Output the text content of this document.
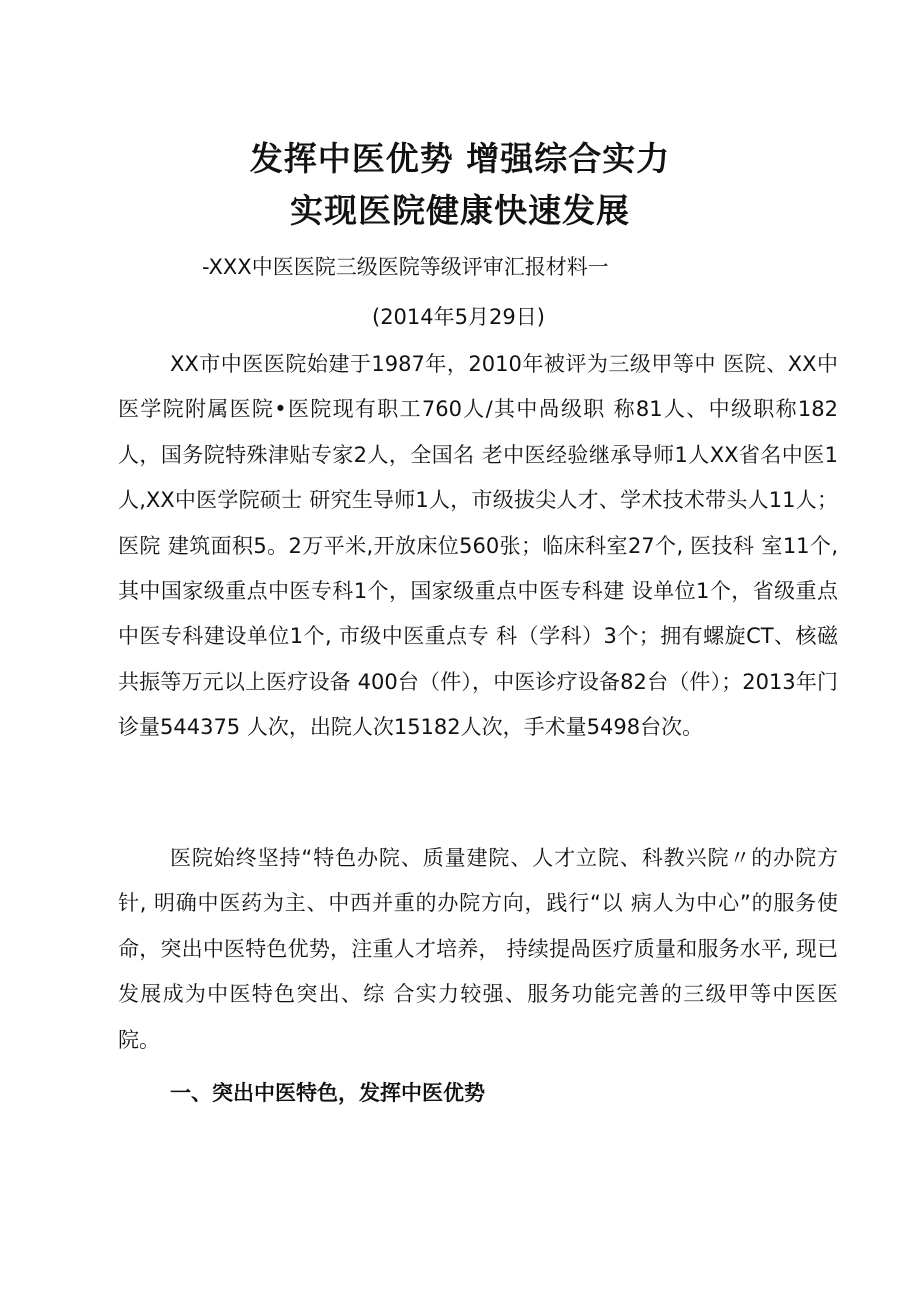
发挥中医优势 增强综合实力
实现医院健康快速发展
-XXX中医医院三级医院等级评审汇报材料一
(2014年5月29日)

XX市中医医院始建于1987年，2010年被评为三级甲等中 医院、XX中医学院附属医院•医院现有职工760人/其中咼级职 称81人、中级职称182人，国务院特殊津贴专家2人，全国名 老中医经验继承导师1人XX省名中医1人,XX中医学院硕士 研究生导师1人，市级拔尖人才、学术技术带头人11人；医院 建筑面积5。2万平米,开放床位560张；临床科室27个, 医技科 室11个, 其中国家级重点中医专科1个，国家级重点中医专科建 设单位1个，省级重点中医专科建设单位1个, 市级中医重点专 科（学科）3个；拥有螺旋CT、核磁共振等万元以上医疗设备 400台（件），中医诊疗设备82台（件）；2013年门诊量544375 人次，出院人次15182人次，手术量5498台次。

医院始终坚持“特色办院、质量建院、人才立院、科教兴院〃的办院方针, 明确中医药为主、中西并重的办院方向，践行“以 病人为中心”的服务使命，突出中医特色优势，注重人才培养， 持续提咼医疗质量和服务水平, 现已发展成为中医特色突出、综 合实力较强、服务功能完善的三级甲等中医医院。

一、突出中医特色，发挥中医优势
